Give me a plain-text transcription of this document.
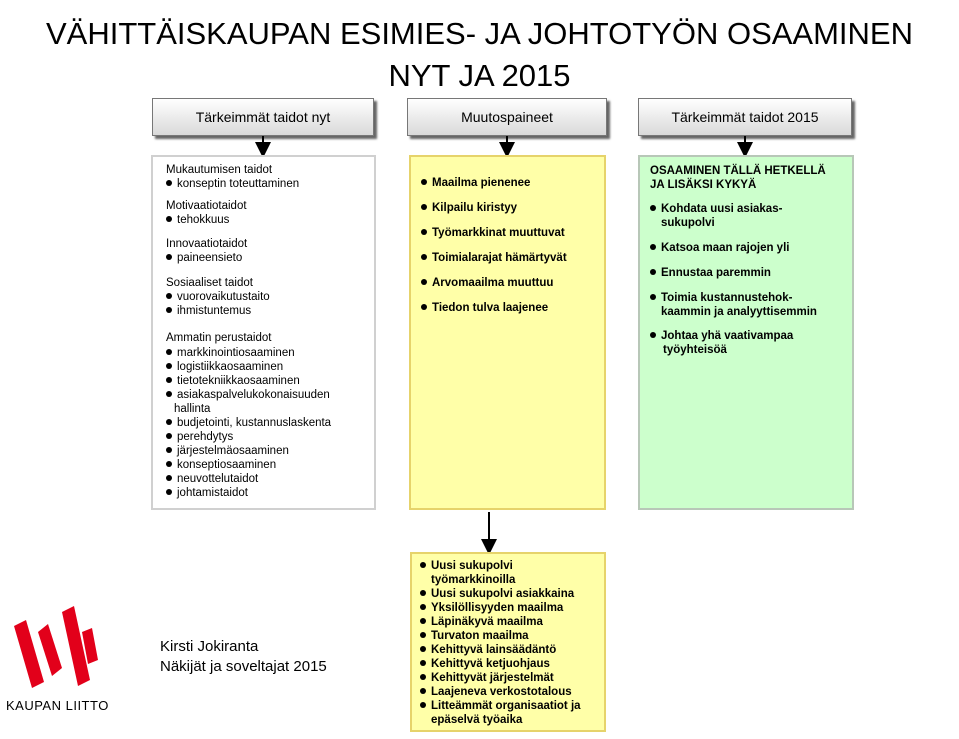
VÄHITTÄISKAUPAN ESIMIES- JA JOHTOTYÖN OSAAMINEN
NYT JA 2015
Tärkeimmät taidot nyt	Muutospaineet	Tärkeimmät taidot 2015
Mukautumisen taidot
konseptin toteuttaminen
Motivaatiotaidot
tehokkuus
Innovaatiotaidot
paineensieto
Sosiaaliset taidot
vuorovaikutustaito
ihmistuntemus
Ammatin perustaidot
markkinointiosaaminen
logistiikkaosaaminen
tietotekniikkaosaaminen
asiakaspalvelukokonaisuuden
hallinta
budjetointi, kustannuslaskenta
perehdytys
järjestelmäosaaminen
konseptiosaaminen
neuvottelutaidot
johtamistaidot
Maailma pienenee
Kilpailu kiristyy
Työmarkkinat muuttuvat
Toimialarajat hämärtyvät
Arvomaailma muuttuu
Tiedon tulva laajenee
OSAAMINEN TÄLLÄ HETKELLÄ
JA LISÄKSI KYKYÄ
Kohdata uusi asiakas-
sukupolvi
Katsoa maan rajojen yli
Ennustaa paremmin
Toimia kustannustehok-
kaammin ja analyyttisemmin
Johtaa yhä vaativampaa
työyhteisöä
Uusi sukupolvi
työmarkkinoilla
Uusi sukupolvi asiakkaina
Yksilöllisyyden maailma
Läpinäkyvä maailma
Turvaton maailma
Kehittyvä lainsäädäntö
Kehittyvä ketjuohjaus
Kehittyvät järjestelmät
Laajeneva verkostotalous
Litteämmät organisaatiot ja
epäselvä työaika
Kirsti Jokiranta
Näkijät ja soveltajat 2015
KAUPAN LIITTO
